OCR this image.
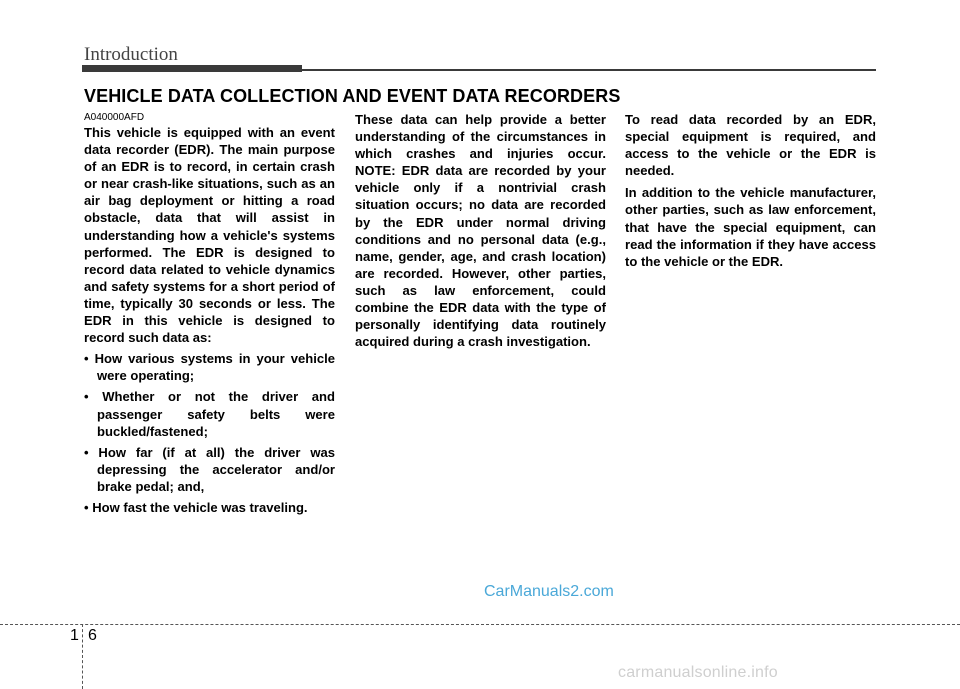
Introduction
VEHICLE DATA COLLECTION AND EVENT DATA RECORDERS

A040000AFD

This vehicle is equipped with an event data recorder (EDR). The main purpose of an EDR is to record, in certain crash or near crash-like situations, such as an air bag deployment or hitting a road obstacle, data that will assist in understanding how a vehicle's systems performed. The EDR is designed to record data related to vehicle dynamics and safety systems for a short period of time, typically 30 seconds or less. The EDR in this vehicle is designed to record such data as:

• How various systems in your vehicle were operating;

• Whether or not the driver and passenger safety belts were buckled/fastened;

• How far (if at all) the driver was depressing the accelerator and/or brake pedal; and,

• How fast the vehicle was traveling.

These data can help provide a better understanding of the circumstances in which crashes and injuries occur. NOTE: EDR data are recorded by your vehicle only if a nontrivial crash situation occurs; no data are recorded by the EDR under normal driving conditions and no personal data (e.g., name, gender, age, and crash location) are recorded. However, other parties, such as law enforcement, could combine the EDR data with the type of personally identifying data routinely acquired during a crash investigation.

To read data recorded by an EDR, special equipment is required, and access to the vehicle or the EDR is needed.

In addition to the vehicle manufacturer, other parties, such as law enforcement, that have the special equipment, can read the information if they have access to the vehicle or the EDR.

CarManuals2.com
1 6
carmanualsonline.info
